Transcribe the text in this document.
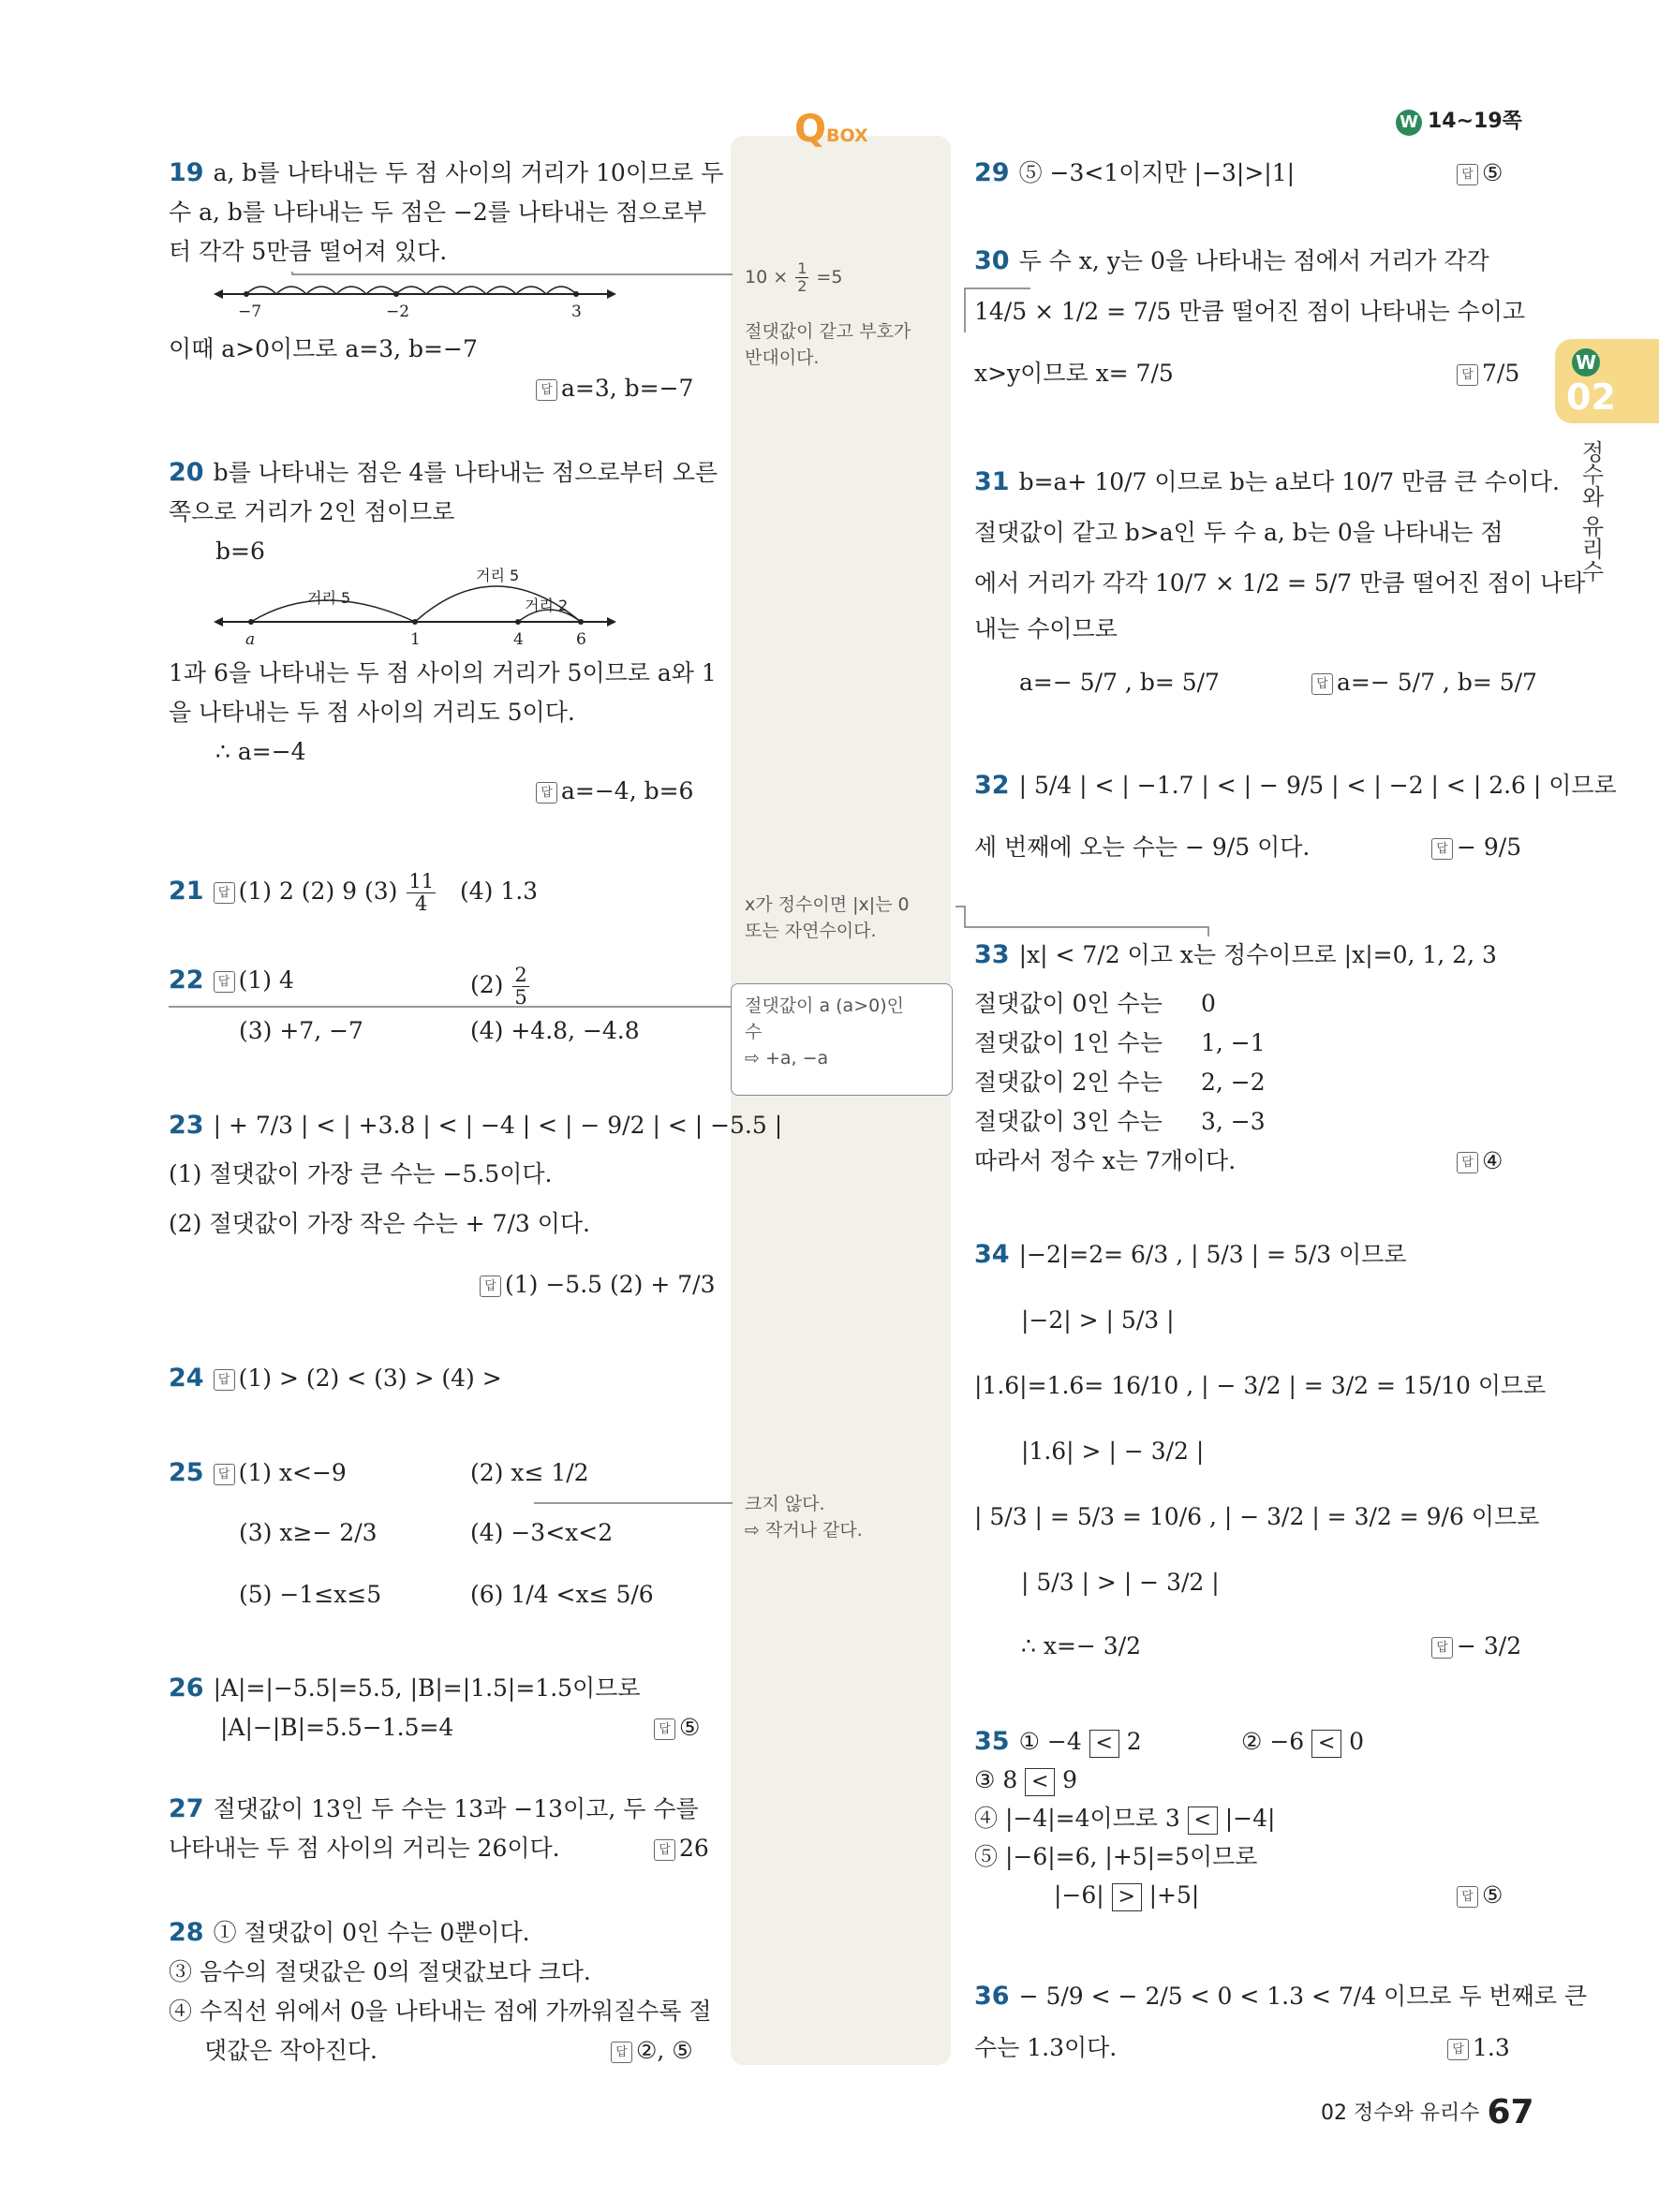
W 14~19쪽
W
02
정수와 유리수
QBOX
$10 \times \frac{1}{2} =5$
절댓값이 같고 부호가
반대이다.
x가 정수이면 |x|는 0
또는 자연수이다.
절댓값이 a (a>0)인
수
⇨ +a, −a
크지 않다.
⇨ 작거나 같다.
19 a, b를 나타내는 두 점 사이의 거리가 10이므로 두
수 a, b를 나타내는 두 점은 −2를 나타내는 점으로부
터 각각 5만큼 떨어져 있다.
−7	−2	3
이때 a>0이므로 a=3, b=−7
답 a=3, b=−7
20 b를 나타내는 점은 4를 나타내는 점으로부터 오른
쪽으로 거리가 2인 점이므로
b=6
거리 5
거리 5
거리 2
a	1	4	6
1과 6을 나타내는 두 점 사이의 거리가 5이므로 a와 1
을 나타내는 두 점 사이의 거리도 5이다.
∴ a=−4
답 a=−4, b=6
21 답 (1) 2 (2) 9 $(3) \frac{11}{4} (4)$ 1.3
22 답 (1) 4	$(2) \frac{2}{5}$
(3) +7, −7	(4) +4.8, −4.8
23 | + 7/3 | < | +3.8 | < | −4 | < | − 9/2 | < | −5.5 |
(1) 절댓값이 가장 큰 수는 −5.5이다.
(2) 절댓값이 가장 작은 수는 + 7/3 이다.
답 (1) −5.5 (2) + 7/3
24 답 (1) > (2) < (3) > (4) >
25 답 (1) x<−9	(2) x≤ 1/2
(3) x≥− 2/3	(4) −3<x<2
(5) −1≤x≤5	(6) 1/4 <x≤ 5/6
26 |A|=|−5.5|=5.5, |B|=|1.5|=1.5이므로
|A|−|B|=5.5−1.5=4	답 ⑤
27 절댓값이 13인 두 수는 13과 −13이고, 두 수를
나타내는 두 점 사이의 거리는 26이다.	답 26
28 ① 절댓값이 0인 수는 0뿐이다.
③ 음수의 절댓값은 0의 절댓값보다 크다.
④ 수직선 위에서 0을 나타내는 점에 가까워질수록 절
댓값은 작아진다.	답 ②, ⑤
29 ⑤ −3<1이지만 |−3|>|1|	답 ⑤
30 두 수 x, y는 0을 나타내는 점에서 거리가 각각
14/5 × 1/2 = 7/5 만큼 떨어진 점이 나타내는 수이고
x>y이므로 x= 7/5	답 7/5
31 b=a+ 10/7 이므로 b는 a보다 10/7 만큼 큰 수이다.
절댓값이 같고 b>a인 두 수 a, b는 0을 나타내는 점
에서 거리가 각각 10/7 × 1/2 = 5/7 만큼 떨어진 점이 나타
내는 수이므로
a=− 5/7 , b= 5/7	답 a=− 5/7 , b= 5/7
32 | 5/4 | < | −1.7 | < | − 9/5 | < | −2 | < | 2.6 | 이므로
세 번째에 오는 수는 − 9/5 이다.	답 − 9/5
33 |x| < 7/2 이고 x는 정수이므로 |x|=0, 1, 2, 3
절댓값이 0인 수는 0
절댓값이 1인 수는 1, −1
절댓값이 2인 수는 2, −2
절댓값이 3인 수는 3, −3
따라서 정수 x는 7개이다.	답 ④
34 |−2|=2= 6/3 , | 5/3 | = 5/3 이므로
|−2| > | 5/3 |
|1.6|=1.6= 16/10 , | − 3/2 | = 3/2 = 15/10 이므로
|1.6| > | − 3/2 |
| 5/3 | = 5/3 = 10/6 , | − 3/2 | = 3/2 = 9/6 이므로
| 5/3 | > | − 3/2 |
∴ x=− 3/2	답 − 3/2
35 ① −4 < 2	② −6 < 0
③ 8 < 9
④ |−4|=4이므로 3 < |−4|
⑤ |−6|=6, |+5|=5이므로
|−6| > |+5|	답 ⑤
36 − 5/9 < − 2/5 < 0 < 1.3 < 7/4 이므로 두 번째로 큰
수는 1.3이다.	답 1.3
02 정수와 유리수 67
